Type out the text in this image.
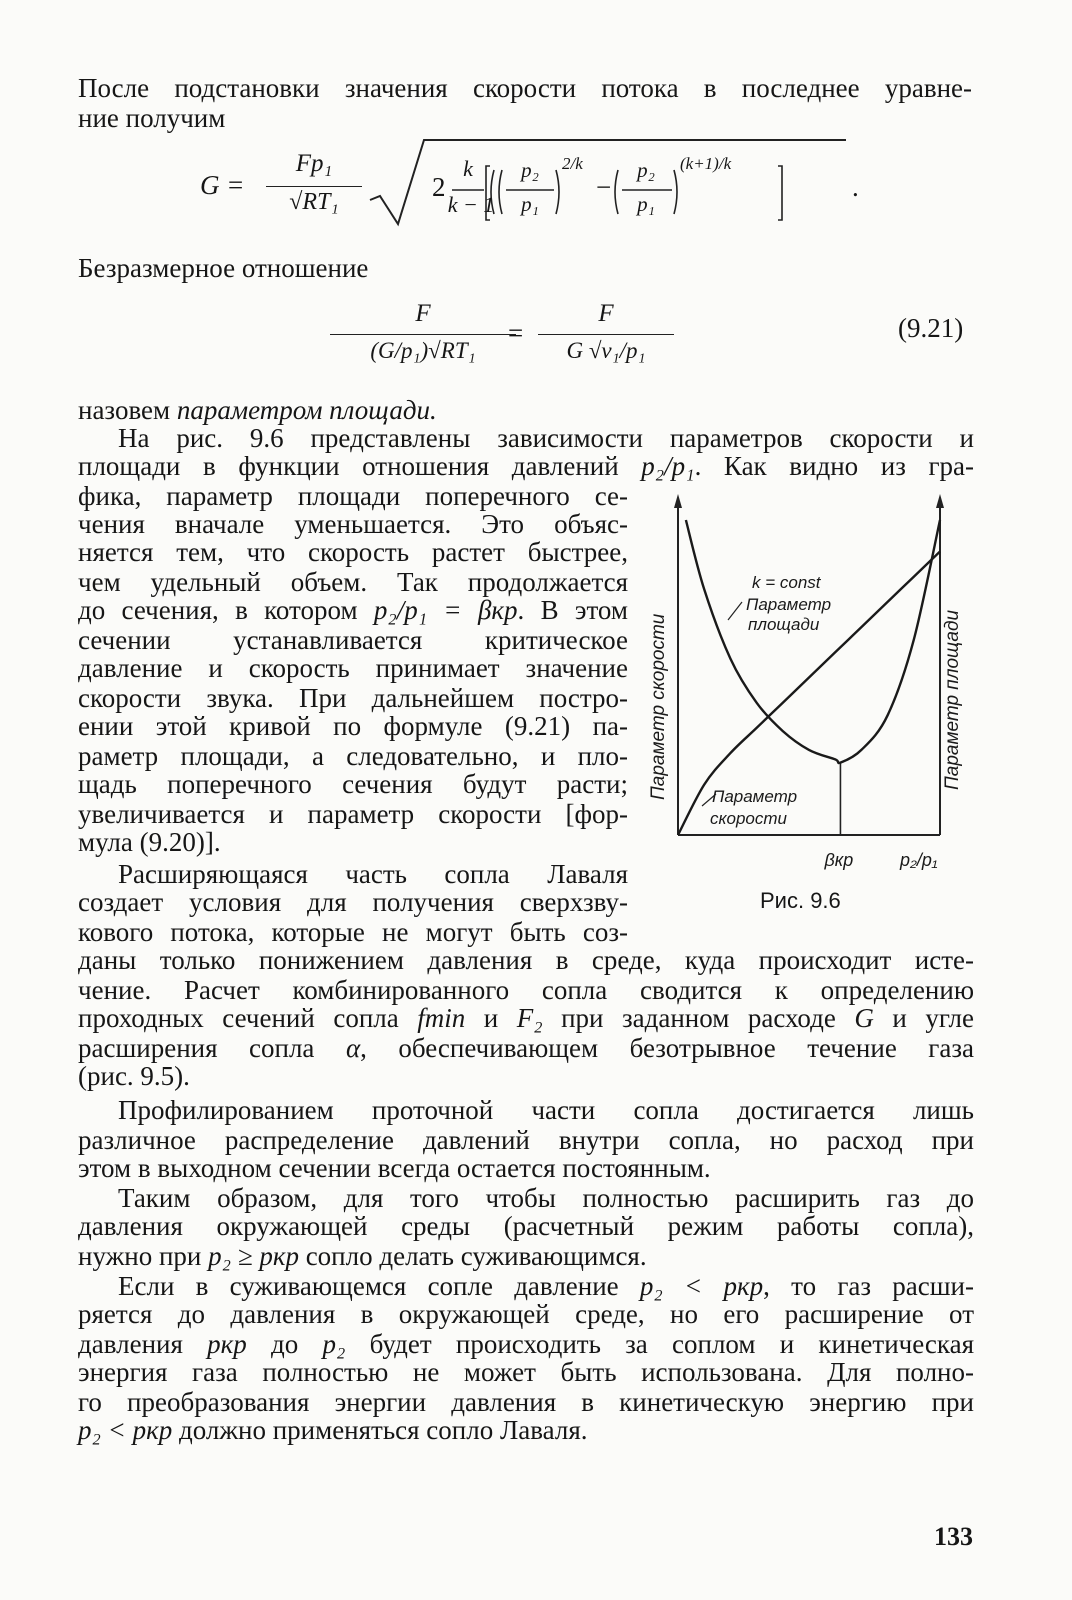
После подстановки значения скорости потока в последнее уравне-

ние получим

G =
Fp₁
√RT₁	2
k
k − 1
p₂
p₁
2/k
−
p₂
p₁
(k+1)/k
.

Безразмерное отношение

F
(G/p₁)√RT₁
=
F
G √v₁/p₁
(9.21)

назовем параметром площади.

На рис. 9.6 представлены зависимости параметров скорости и

площади в функции отношения давлений p₂/p₁. Как видно из гра-

фика, параметр площади поперечного се-

чения вначале уменьшается. Это объяс-

няется тем, что скорость растет быстрее,

чем удельный объем. Так продолжается

до сечения, в котором p₂/p₁ = βкр. В этом

сечении устанавливается критическое

давление и скорость принимает значение

скорости звука. При дальнейшем постро-

ении этой кривой по формуле (9.21) па-

раметр площади, а следовательно, и пло-

щадь поперечного сечения будут расти;

увеличивается и параметр скорости [фор-

мула (9.20)].

Расширяющаяся часть сопла Лаваля

создает условия для получения сверхзву-

кового потока, которые не могут быть соз-

даны только понижением давления в среде, куда происходит исте-

чение. Расчет комбинированного сопла сводится к определению

проходных сечений сопла fmin и F₂ при заданном расходе G и угле

расширения сопла α, обеспечивающем безотрывное течение газа

(рис. 9.5).

Профилированием проточной части сопла достигается лишь

различное распределение давлений внутри сопла, но расход при

этом в выходном сечении всегда остается постоянным.

Таким образом, для того чтобы полностью расширить газ до

давления окружающей среды (расчетный режим работы сопла),

нужно при p₂ ≥ pкр сопло делать суживающимся.

Если в суживающемся сопле давление p₂ < pкр, то газ расши-

ряется до давления в окружающей среде, но его расширение от

давления pкр до p₂ будет происходить за соплом и кинетическая

энергия газа полностью не может быть использована. Для полно-

го преобразования энергии давления в кинетическую энергию при

p₂ < pкр должно применяться сопло Лаваля.

k = const
Параметр
площади
Параметр
скорости
Параметр скорости	Параметр площади
βкр	p₂/p₁
Рис. 9.6
133
